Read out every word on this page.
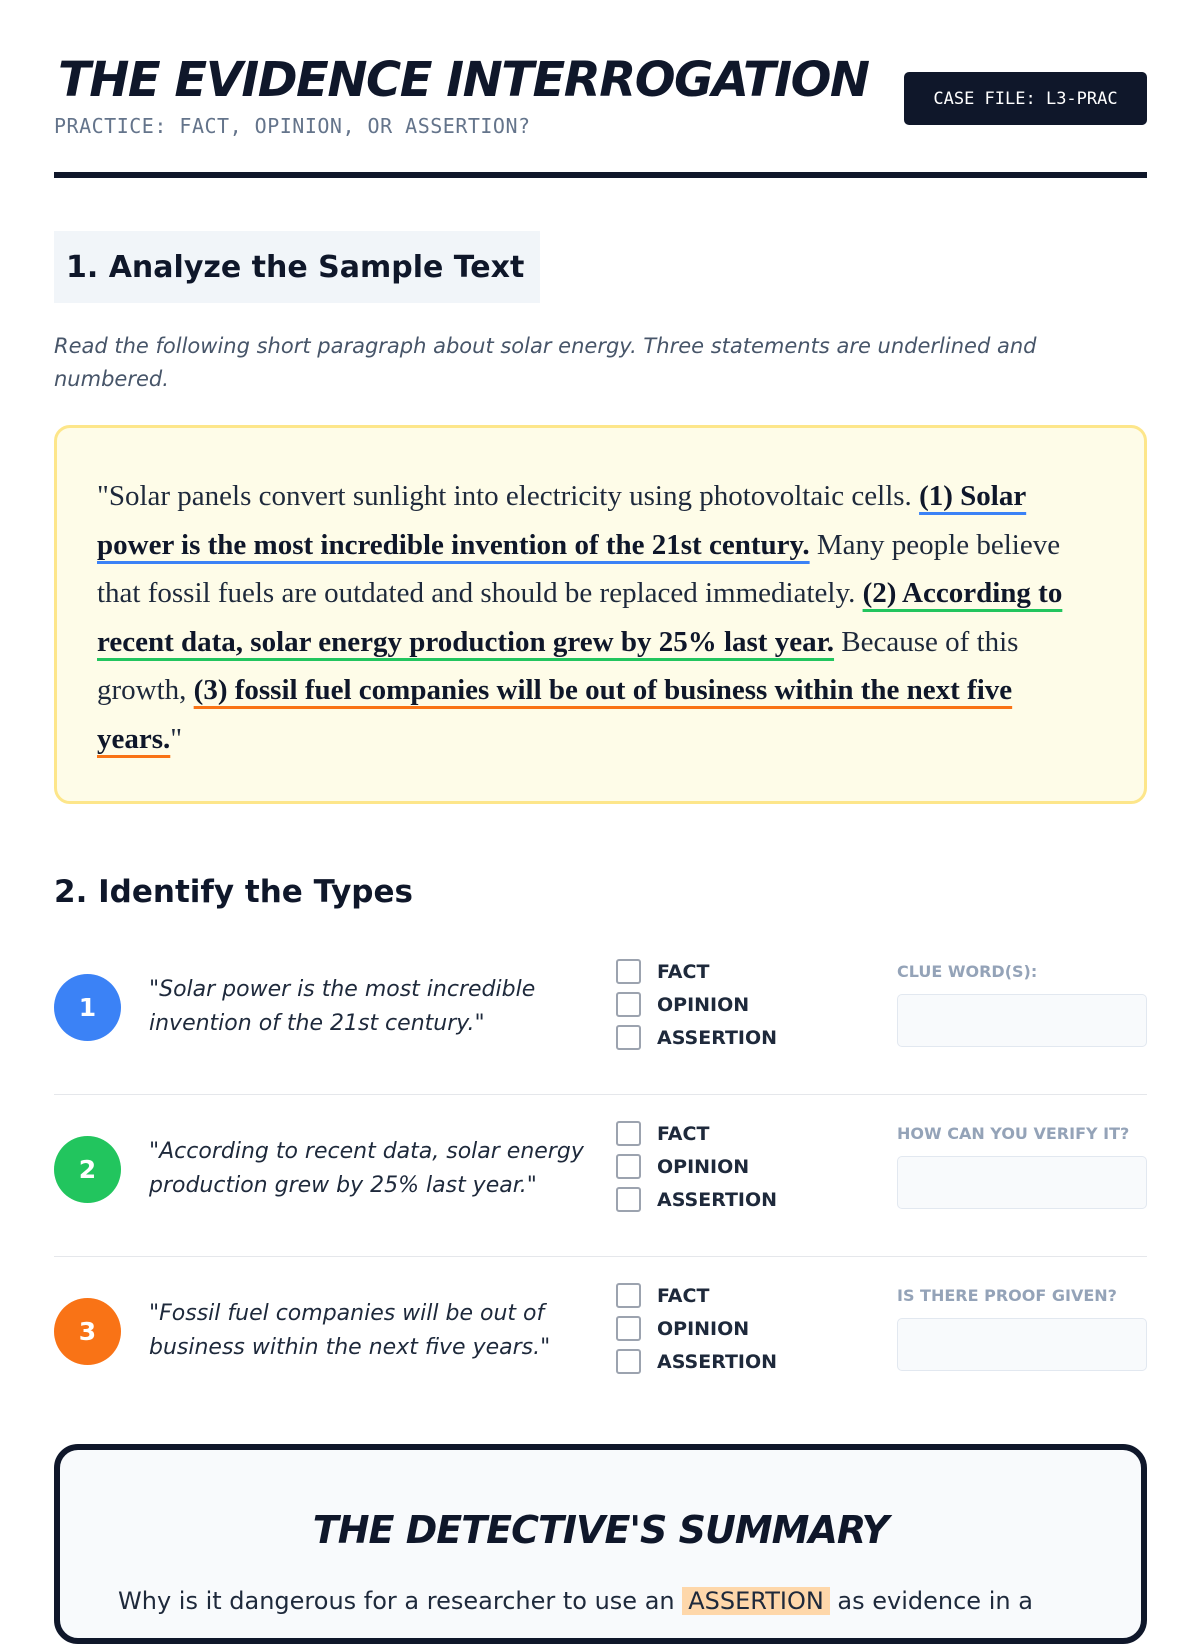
THE EVIDENCE INTERROGATION
PRACTICE: FACT, OPINION, OR ASSERTION?
CASE FILE: L3-PRAC
1. Analyze the Sample Text
Read the following short paragraph about solar energy. Three statements are underlined and numbered.
"Solar panels convert sunlight into electricity using photovoltaic cells. (1) Solar power is the most incredible invention of the 21st century. Many people believe that fossil fuels are outdated and should be replaced immediately. (2) According to recent data, solar energy production grew by 25% last year. Because of this growth, (3) fossil fuel companies will be out of business within the next five years."
2. Identify the Types
1
"Solar power is the most incredible invention of the 21st century."
FACT
OPINION
ASSERTION
CLUE WORD(S):
2
"According to recent data, solar energy production grew by 25% last year."
FACT
OPINION
ASSERTION
HOW CAN YOU VERIFY IT?
3
"Fossil fuel companies will be out of business within the next five years."
FACT
OPINION
ASSERTION
IS THERE PROOF GIVEN?
THE DETECTIVE'S SUMMARY
Why is it dangerous for a researcher to use an ASSERTION as evidence in a
